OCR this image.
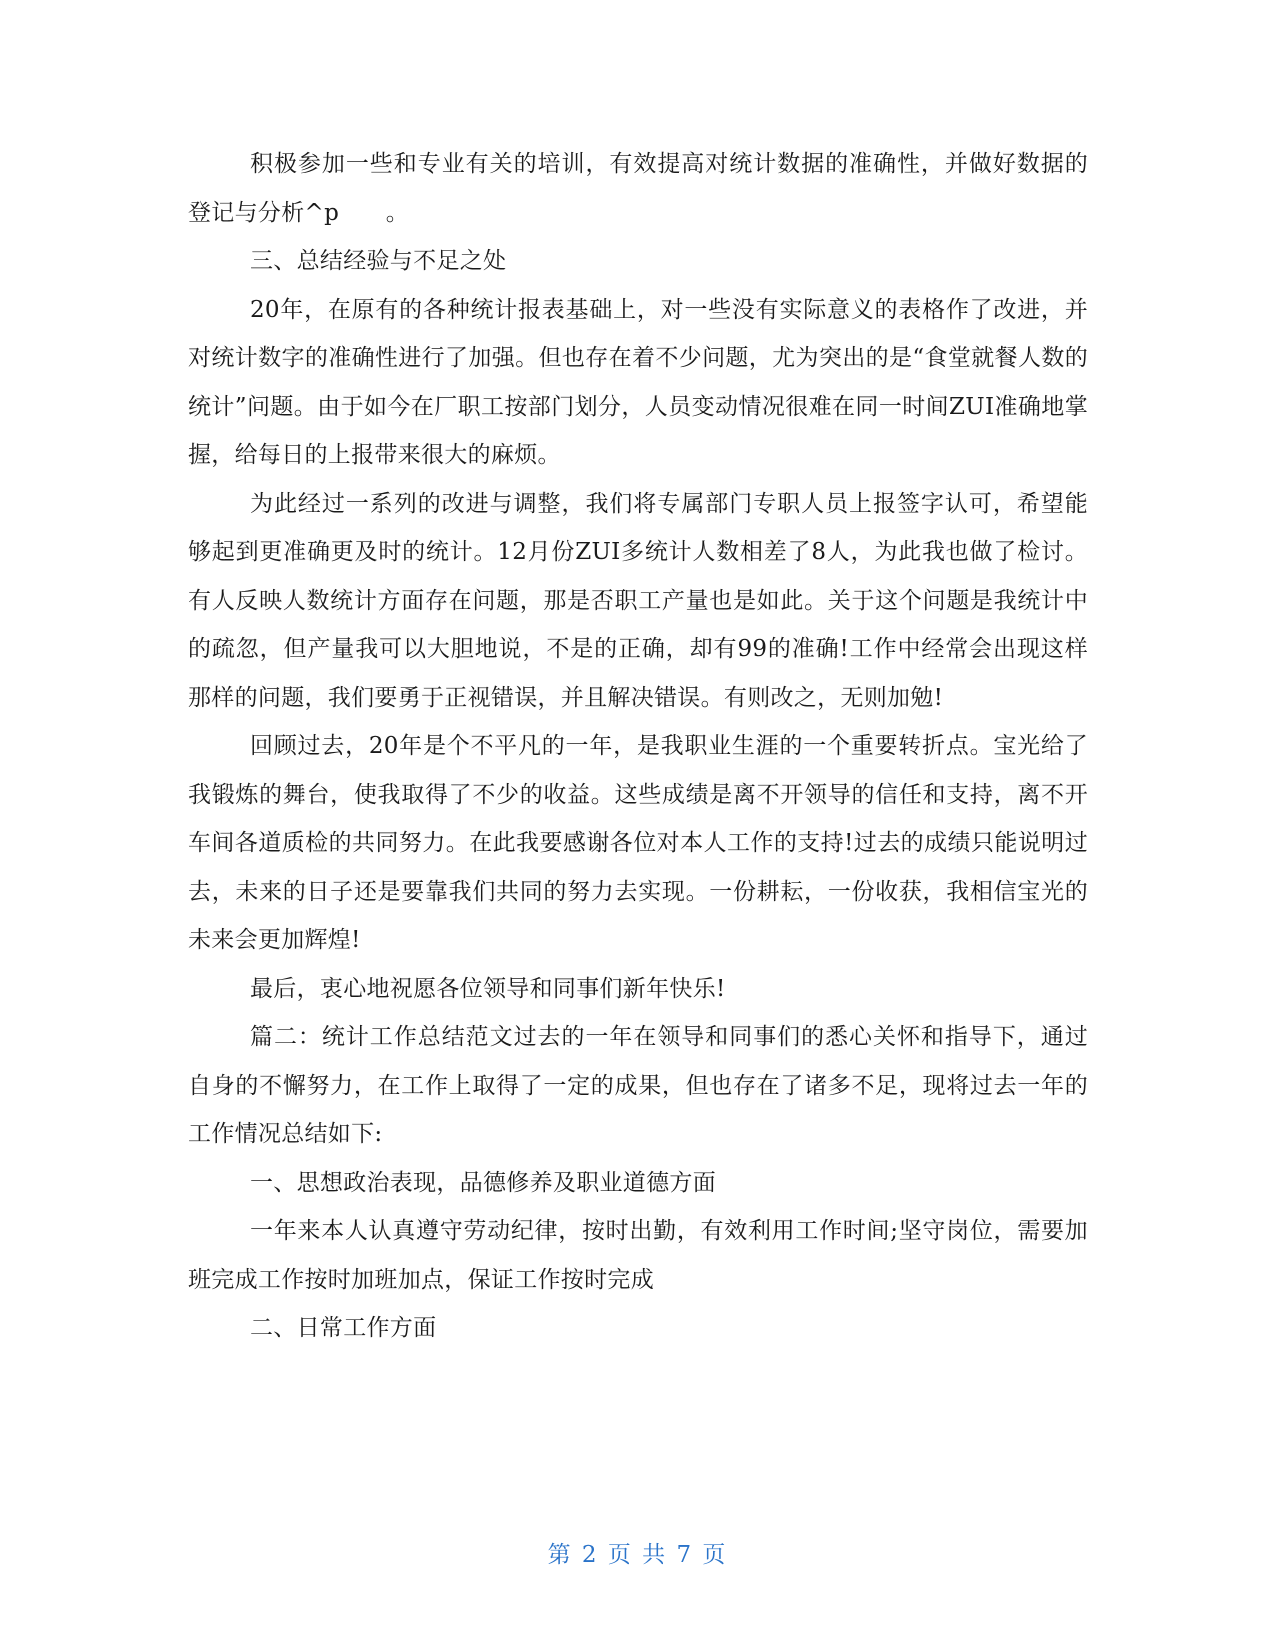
积极参加一些和专业有关的培训，有效提高对统计数据的准确性，并做好数据的登记与分析^p　　。

三、总结经验与不足之处

20年，在原有的各种统计报表基础上，对一些没有实际意义的表格作了改进，并对统计数字的准确性进行了加强。但也存在着不少问题，尤为突出的是“食堂就餐人数的统计”问题。由于如今在厂职工按部门划分，人员变动情况很难在同一时间ZUI准确地掌握，给每日的上报带来很大的麻烦。

为此经过一系列的改进与调整，我们将专属部门专职人员上报签字认可，希望能够起到更准确更及时的统计。12月份ZUI多统计人数相差了8人，为此我也做了检讨。有人反映人数统计方面存在问题，那是否职工产量也是如此。关于这个问题是我统计中的疏忽，但产量我可以大胆地说，不是的正确，却有99的准确!工作中经常会出现这样那样的问题，我们要勇于正视错误，并且解决错误。有则改之，无则加勉!

回顾过去，20年是个不平凡的一年，是我职业生涯的一个重要转折点。宝光给了我锻炼的舞台，使我取得了不少的收益。这些成绩是离不开领导的信任和支持，离不开车间各道质检的共同努力。在此我要感谢各位对本人工作的支持!过去的成绩只能说明过去，未来的日子还是要靠我们共同的努力去实现。一份耕耘，一份收获，我相信宝光的未来会更加辉煌!

最后，衷心地祝愿各位领导和同事们新年快乐!

篇二：统计工作总结范文过去的一年在领导和同事们的悉心关怀和指导下，通过自身的不懈努力，在工作上取得了一定的成果，但也存在了诸多不足，现将过去一年的工作情况总结如下:

一、思想政治表现，品德修养及职业道德方面

一年来本人认真遵守劳动纪律，按时出勤，有效利用工作时间;坚守岗位，需要加班完成工作按时加班加点，保证工作按时完成

二、日常工作方面

第 2 页 共 7 页
